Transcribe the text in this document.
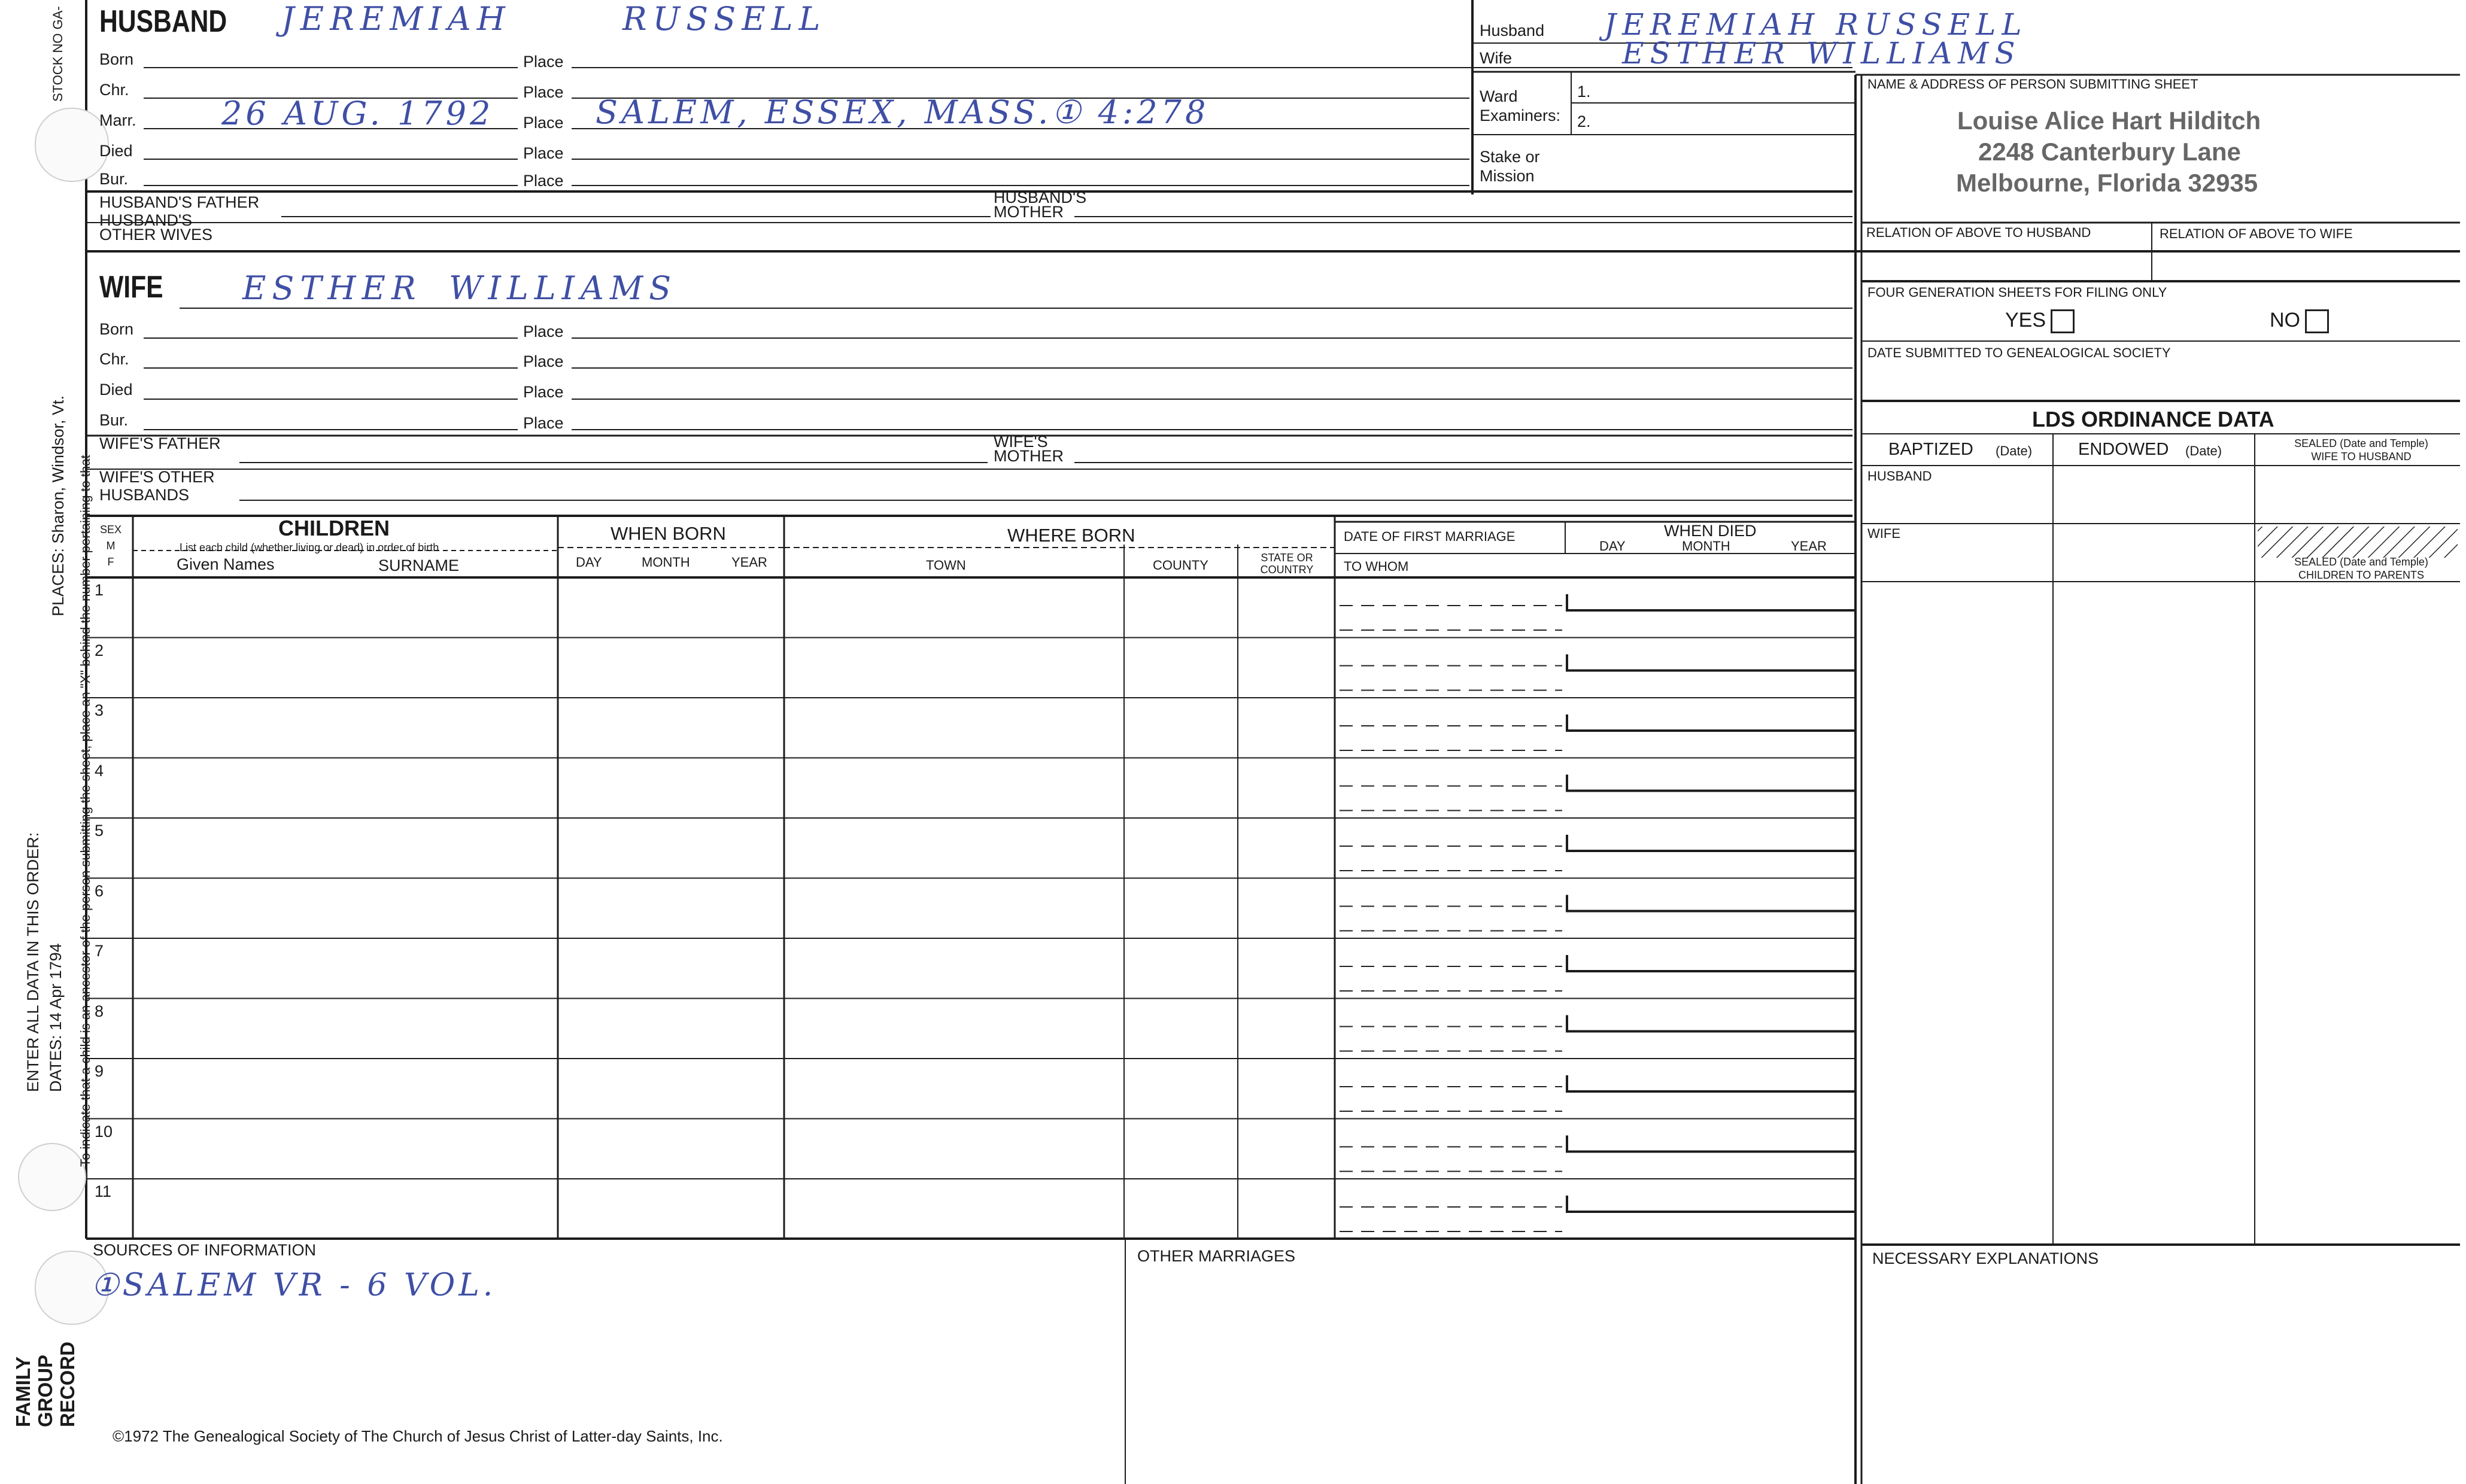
STOCK NO GA-
To indicate that a child is an ancestor of the person submitting the sheet, place an "X" behind the number pertaining to that
PLACES: Sharon, Windsor, Vt.
ENTER ALL DATA IN THIS ORDER: DATES: 14 Apr 1794
FAMILY GROUP RECORD
HUSBAND JEREMIAH	RUSSELL
Born	Place
Chr.	Place
Marr.	Place
26 AUG. 1792	SALEM, ESSEX, MASS.① 4:278
Died	Place
Bur.	Place
HUSBAND'S FATHER	HUSBAND'S
MOTHER
HUSBAND'S
OTHER WIVES
WIFE ESTHER WILLIAMS
Born	Place
Chr.	Place
Died	Place
Bur.	Place
WIFE'S FATHER	WIFE'S
MOTHER
WIFE'S OTHER
HUSBANDS
Husband JEREMIAH RUSSELL
Wife	ESTHER WILLIAMS
Ward
Examiners:
1.
2.
Stake or
Mission
NAME & ADDRESS OF PERSON SUBMITTING SHEET
Louise Alice Hart Hilditch
2248 Canterbury Lane
Melbourne, Florida 32935
RELATION OF ABOVE TO HUSBAND	RELATION OF ABOVE TO WIFE
FOUR GENERATION SHEETS FOR FILING ONLY
YES	NO
DATE SUBMITTED TO GENEALOGICAL SOCIETY
LDS ORDINANCE DATA
BAPTIZED (Date)	ENDOWED (Date)	SEALED (Date and Temple)
WIFE TO HUSBAND
HUSBAND
WIFE
SEALED (Date and Temple)
CHILDREN TO PARENTS
SEX
M
F
CHILDREN
List each child (whether living or dead) in order of birth
Given Names	SURNAME
WHEN BORN
DAY	MONTH	YEAR
WHERE BORN
TOWN	COUNTY	STATE OR
COUNTRY
DATE OF FIRST MARRIAGE
TO WHOM
WHEN DIED
DAY	MONTH	YEAR
1
2
3
4
5
6
7
8
9
10
11
SOURCES OF INFORMATION
①SALEM VR - 6 VOL.
OTHER MARRIAGES	NECESSARY EXPLANATIONS
©1972 The Genealogical Society of The Church of Jesus Christ of Latter-day Saints, Inc.
